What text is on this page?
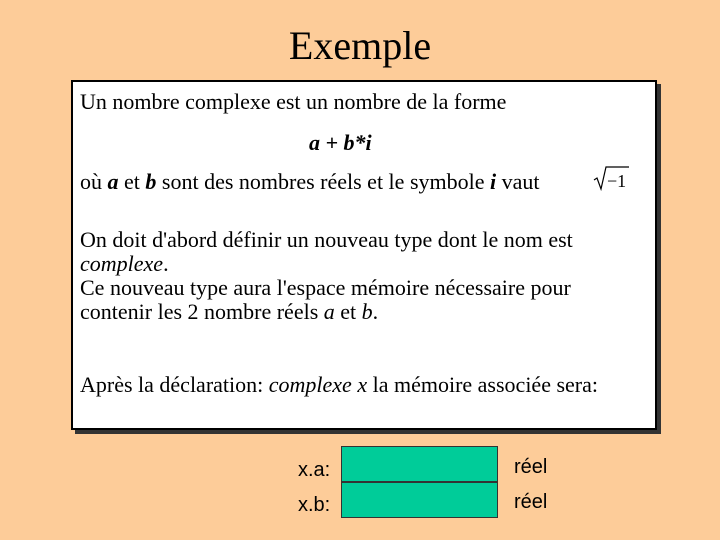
Exemple
Un nombre complexe est un nombre de la forme
a + b*i
où a et b sont des nombres réels et le symbole i vaut	−1
On doit d'abord définir un nouveau type dont le nom est complexe.
Ce nouveau type aura l'espace mémoire nécessaire pour contenir les 2 nombre réels a et b.
Après la déclaration: complexe x la mémoire associée sera:
x.a:	réel
x.b:	réel
